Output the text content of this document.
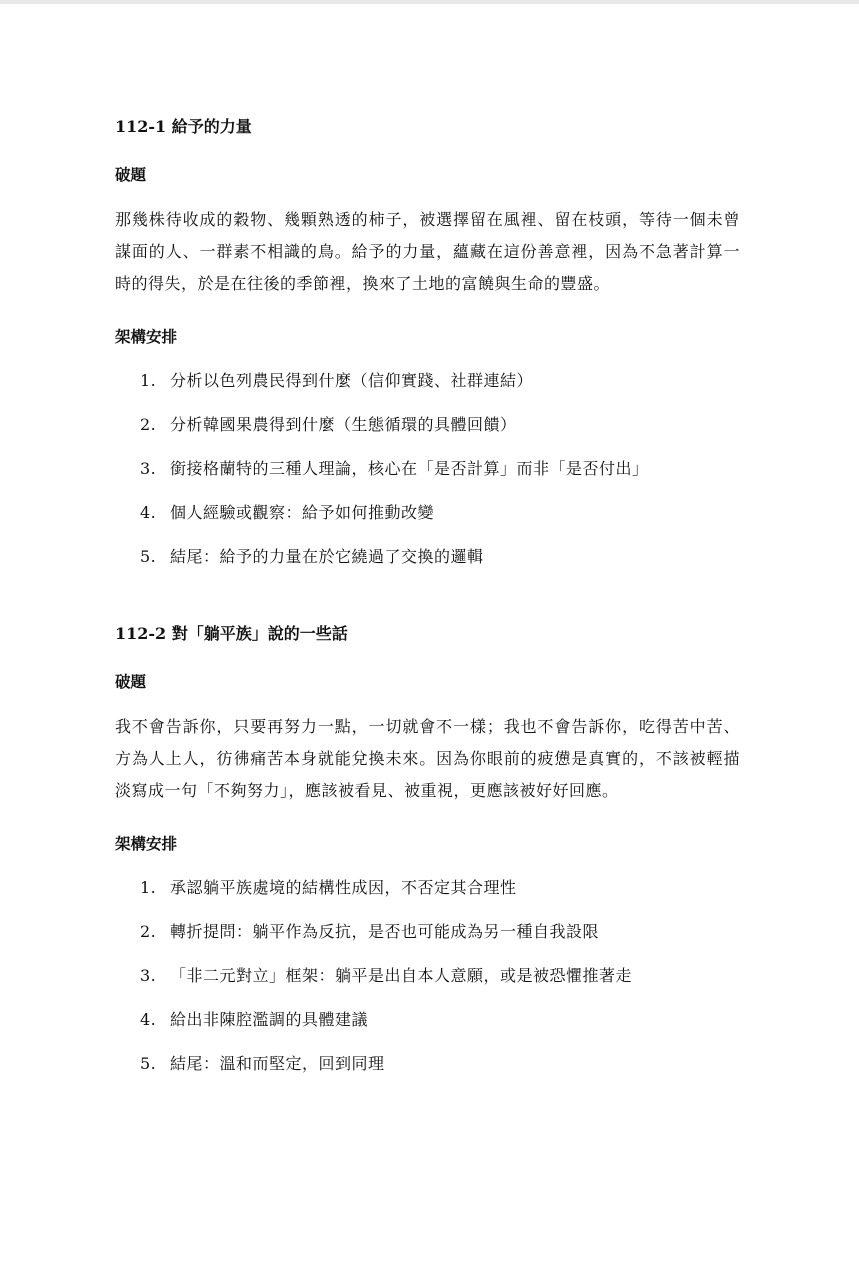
112-1 給予的力量
破題

那幾株待收成的穀物、幾顆熟透的柿子，被選擇留在風裡、留在枝頭，等待一個未曾謀面的人、一群素不相識的鳥。給予的力量，蘊藏在這份善意裡，因為不急著計算一時的得失，於是在往後的季節裡，換來了土地的富饒與生命的豐盛。

架構安排
1. 分析以色列農民得到什麼（信仰實踐、社群連結）
2. 分析韓國果農得到什麼（生態循環的具體回饋）
3. 銜接格蘭特的三種人理論，核心在「是否計算」而非「是否付出」
4. 個人經驗或觀察：給予如何推動改變
5. 結尾：給予的力量在於它繞過了交換的邏輯
112-2 對「躺平族」說的一些話
破題

我不會告訴你，只要再努力一點，一切就會不一樣；我也不會告訴你，吃得苦中苦、方為人上人，彷彿痛苦本身就能兌換未來。因為你眼前的疲憊是真實的，不該被輕描淡寫成一句「不夠努力」，應該被看見、被重視，更應該被好好回應。

架構安排
1. 承認躺平族處境的結構性成因，不否定其合理性
2. 轉折提問：躺平作為反抗，是否也可能成為另一種自我設限
3. 「非二元對立」框架：躺平是出自本人意願，或是被恐懼推著走
4. 給出非陳腔濫調的具體建議
5. 結尾：溫和而堅定，回到同理
